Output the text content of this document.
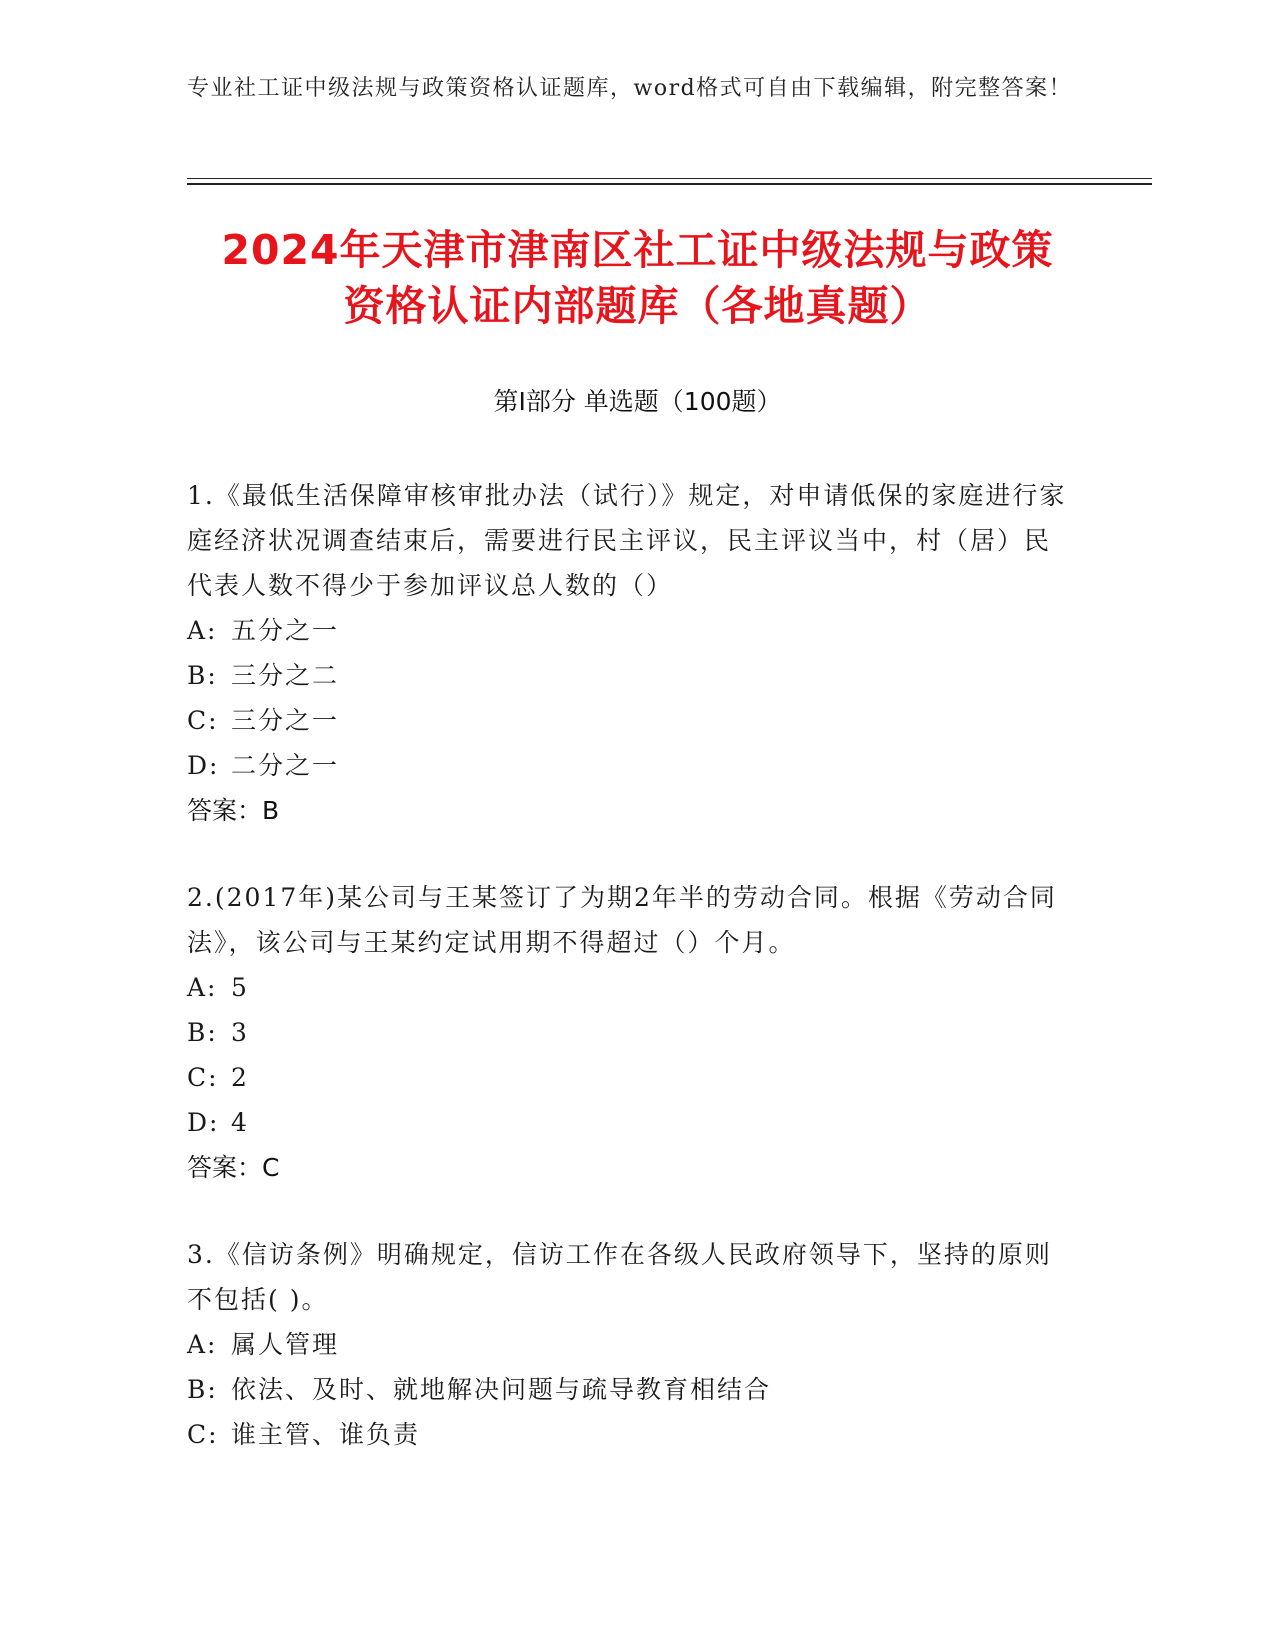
专业社工证中级法规与政策资格认证题库，word格式可自由下载编辑，附完整答案！
2024年天津市津南区社工证中级法规与政策
资格认证内部题库（各地真题）
第I部分 单选题（100题）
1.《最低生活保障审核审批办法（试行）》规定，对申请低保的家庭进行家庭经济状况调查结束后，需要进行民主评议，民主评议当中，村（居）民代表人数不得少于参加评议总人数的（）
A: 五分之一
B: 三分之二
C: 三分之一
D: 二分之一
答案：B
2.(2017年)某公司与王某签订了为期2年半的劳动合同。根据《劳动合同法》，该公司与王某约定试用期不得超过（）个月。
A: 5
B: 3
C: 2
D: 4
答案：C
3.《信访条例》明确规定，信访工作在各级人民政府领导下，坚持的原则不包括( )。
A: 属人管理
B: 依法、及时、就地解决问题与疏导教育相结合
C: 谁主管、谁负责
